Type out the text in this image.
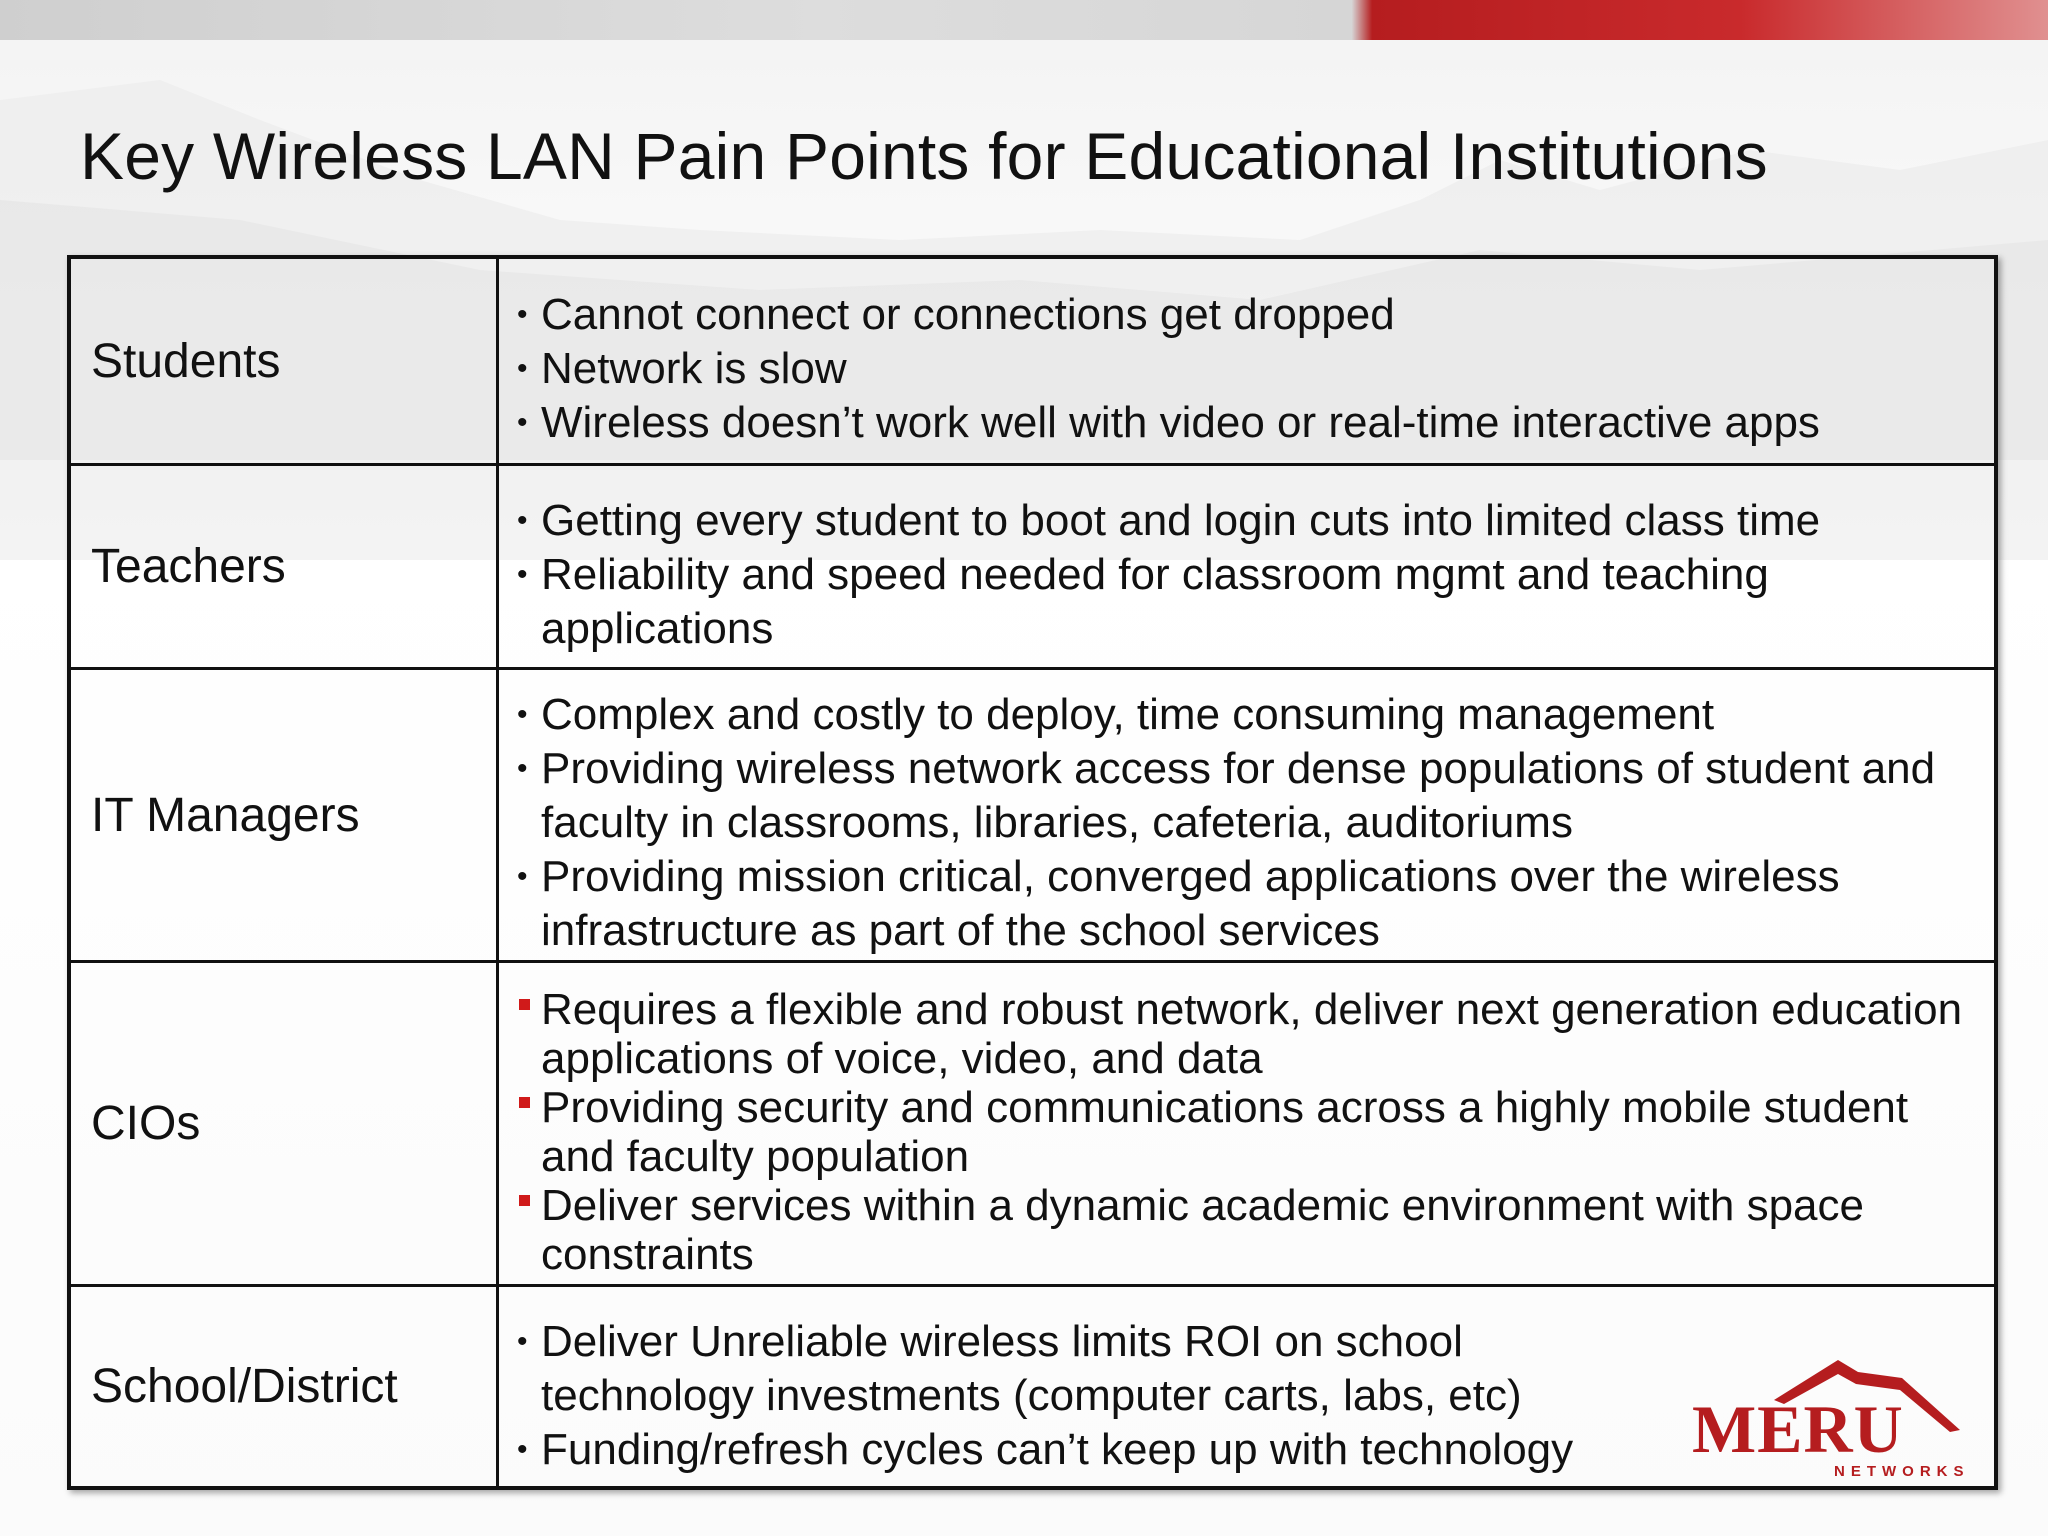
Key Wireless LAN Pain Points for Educational Institutions
Students
• Cannot connect or connections get dropped
• Network is slow
• Wireless doesn’t work well with video or real-time interactive apps
Teachers
• Getting every student to boot and login cuts into limited class time
• Reliability and speed needed for classroom mgmt and teaching applications
IT Managers
• Complex and costly to deploy, time consuming management
• Providing wireless network access for dense populations of student and faculty in classrooms, libraries, cafeteria, auditoriums
• Providing mission critical, converged applications over the wireless infrastructure as part of the school services
CIOs
Requires a flexible and robust network, deliver next generation education applications of voice, video, and data
Providing security and communications across a highly mobile student and faculty population
Deliver services within a dynamic academic environment with space constraints
School/District
• Deliver Unreliable wireless limits ROI on school technology investments (computer carts, labs, etc)
• Funding/refresh cycles can’t keep up with technology MERU
NETWORKS
